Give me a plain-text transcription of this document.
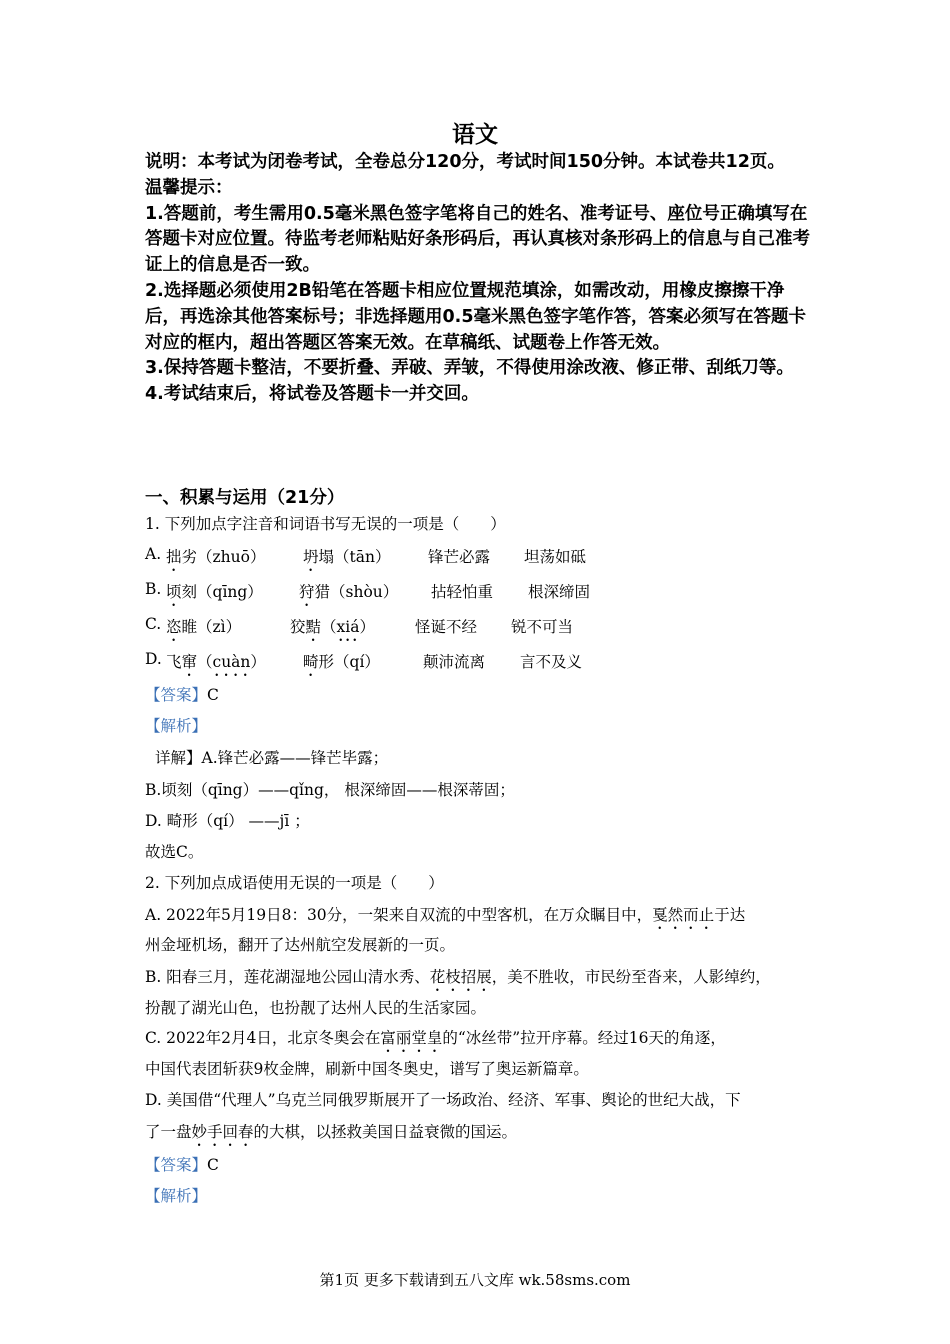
语文

说明：本考试为闭卷考试，全卷总分120分，考试时间150分钟。本试卷共12页。

温馨提示：

1.答题前，考生需用0.5毫米黑色签字笔将自己的姓名、准考证号、座位号正确填写在答题卡对应位置。待监考老师粘贴好条形码后，再认真核对条形码上的信息与自己准考证上的信息是否一致。

2.选择题必须使用2B铅笔在答题卡相应位置规范填涂，如需改动，用橡皮擦擦干净后，再选涂其他答案标号；非选择题用0.5毫米黑色签字笔作答，答案必须写在答题卡对应的框内，超出答题区答案无效。在草稿纸、试题卷上作答无效。

3.保持答题卡整洁，不要折叠、弄破、弄皱，不得使用涂改液、修正带、刮纸刀等。

4.考试结束后，将试卷及答题卡一并交回。

一、积累与运用（21分）
1. 下列加点字注音和词语书写无误的一项是（　　）
A. 拙劣（zhuō） 坍塌（tān） 锋芒必露 坦荡如砥
B. 顷刻（qīng） 狩猎（shòu） 拈轻怕重 根深缔固
C. 恣睢（zì）	狡黠（xiá）	怪诞不经 锐不可当
D. 飞窜（cuàn） 畸形（qí）	颠沛流离 言不及义
【答案】C
【解析】
详解】A.锋芒必露——锋芒毕露；
B.顷刻（qīng）——qǐng， 根深缔固——根深蒂固；
D. 畸形（qí） ——jī ；
故选C。
2. 下列加点成语使用无误的一项是（　　）
A. 2022年5月19日8：30分，一架来自双流的中型客机，在万众瞩目中，戛然而止于达
州金垭机场，翻开了达州航空发展新的一页。
B. 阳春三月，莲花湖湿地公园山清水秀、花枝招展，美不胜收，市民纷至沓来，人影绰约，
扮靓了湖光山色，也扮靓了达州人民的生活家园。
C. 2022年2月4日，北京冬奥会在富丽堂皇的“冰丝带”拉开序幕。经过16天的角逐，
中国代表团斩获9枚金牌，刷新中国冬奥史，谱写了奥运新篇章。
D. 美国借“代理人”乌克兰同俄罗斯展开了一场政治、经济、军事、舆论的世纪大战，下
了一盘妙手回春的大棋，以拯救美国日益衰微的国运。
【答案】C
【解析】
第1页 更多下载请到五八文库 wk.58sms.com
